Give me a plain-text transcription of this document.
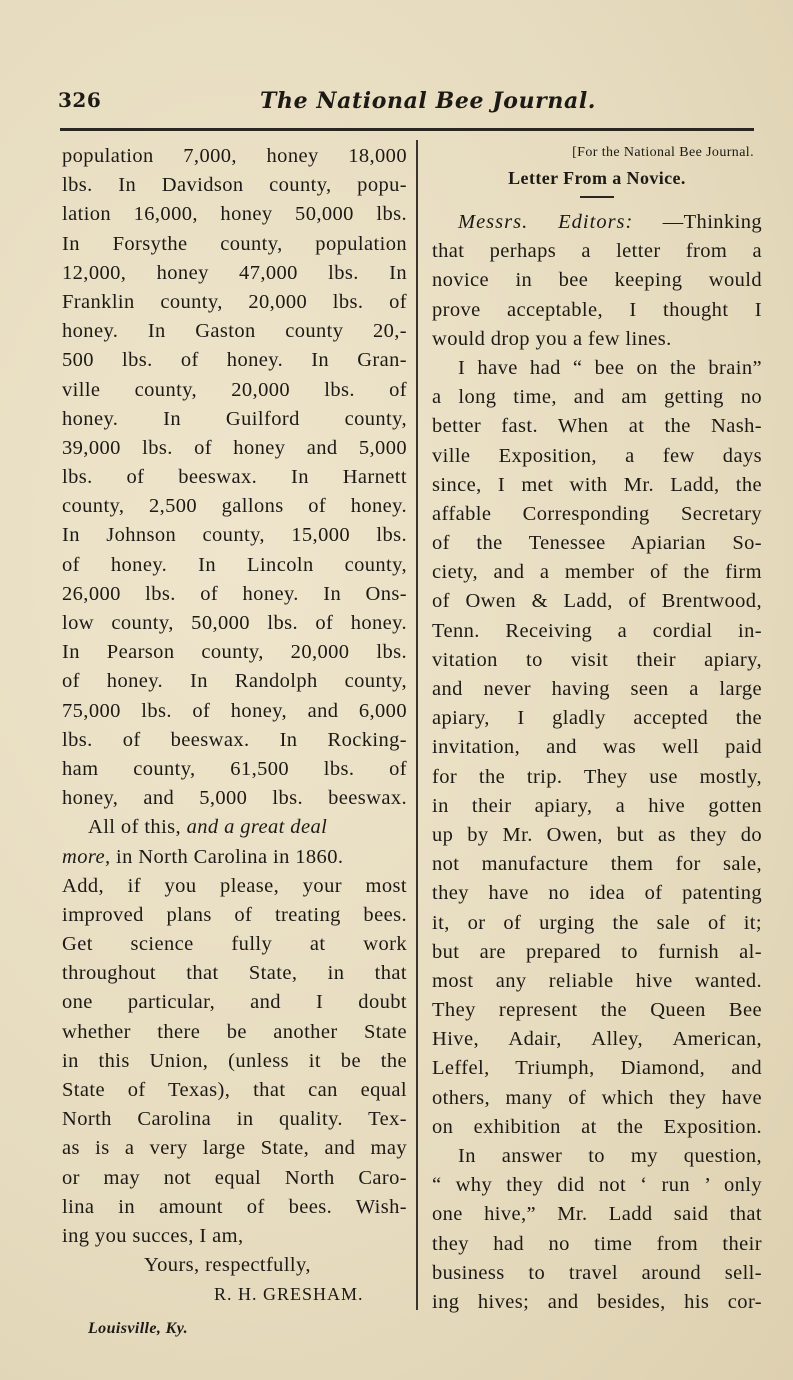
326	The National Bee Journal.
population 7,000, honey 18,000
lbs. In Davidson county, popu-
lation 16,000, honey 50,000 lbs.
In Forsythe county, population
12,000, honey 47,000 lbs. In
Franklin county, 20,000 lbs. of
honey. In Gaston county 20,-
500 lbs. of honey. In Gran-
ville county, 20,000 lbs. of
honey. In Guilford county,
39,000 lbs. of honey and 5,000
lbs. of beeswax. In Harnett
county, 2,500 gallons of honey.
In Johnson county, 15,000 lbs.
of honey. In Lincoln county,
26,000 lbs. of honey. In Ons-
low county, 50,000 lbs. of honey.
In Pearson county, 20,000 lbs.
of honey. In Randolph county,
75,000 lbs. of honey, and 6,000
lbs. of beeswax. In Rocking-
ham county, 61,500 lbs. of
honey, and 5,000 lbs. beeswax.
All of this, and a great deal
more, in North Carolina in 1860.
Add, if you please, your most
improved plans of treating bees.
Get science fully at work
throughout that State, in that
one particular, and I doubt
whether there be another State
in this Union, (unless it be the
State of Texas), that can equal
North Carolina in quality. Tex-
as is a very large State, and may
or may not equal North Caro-
lina in amount of bees. Wish-
ing you succes, I am,
Yours, respectfully,
R. H. GRESHAM.
Louisville, Ky.
[For the National Bee Journal.
Letter From a Novice.
Messrs. Editors: —Thinking
that perhaps a letter from a
novice in bee keeping would
prove acceptable, I thought I
would drop you a few lines.
I have had “ bee on the brain”
a long time, and am getting no
better fast. When at the Nash-
ville Exposition, a few days
since, I met with Mr. Ladd, the
affable Corresponding Secretary
of the Tenessee Apiarian So-
ciety, and a member of the firm
of Owen & Ladd, of Brentwood,
Tenn. Receiving a cordial in-
vitation to visit their apiary,
and never having seen a large
apiary, I gladly accepted the
invitation, and was well paid
for the trip. They use mostly,
in their apiary, a hive gotten
up by Mr. Owen, but as they do
not manufacture them for sale,
they have no idea of patenting
it, or of urging the sale of it;
but are prepared to furnish al-
most any reliable hive wanted.
They represent the Queen Bee
Hive, Adair, Alley, American,
Leffel, Triumph, Diamond, and
others, many of which they have
on exhibition at the Exposition.
In answer to my question,
“ why they did not ‘ run ’ only
one hive,” Mr. Ladd said that
they had no time from their
business to travel around sell-
ing hives; and besides, his cor-
